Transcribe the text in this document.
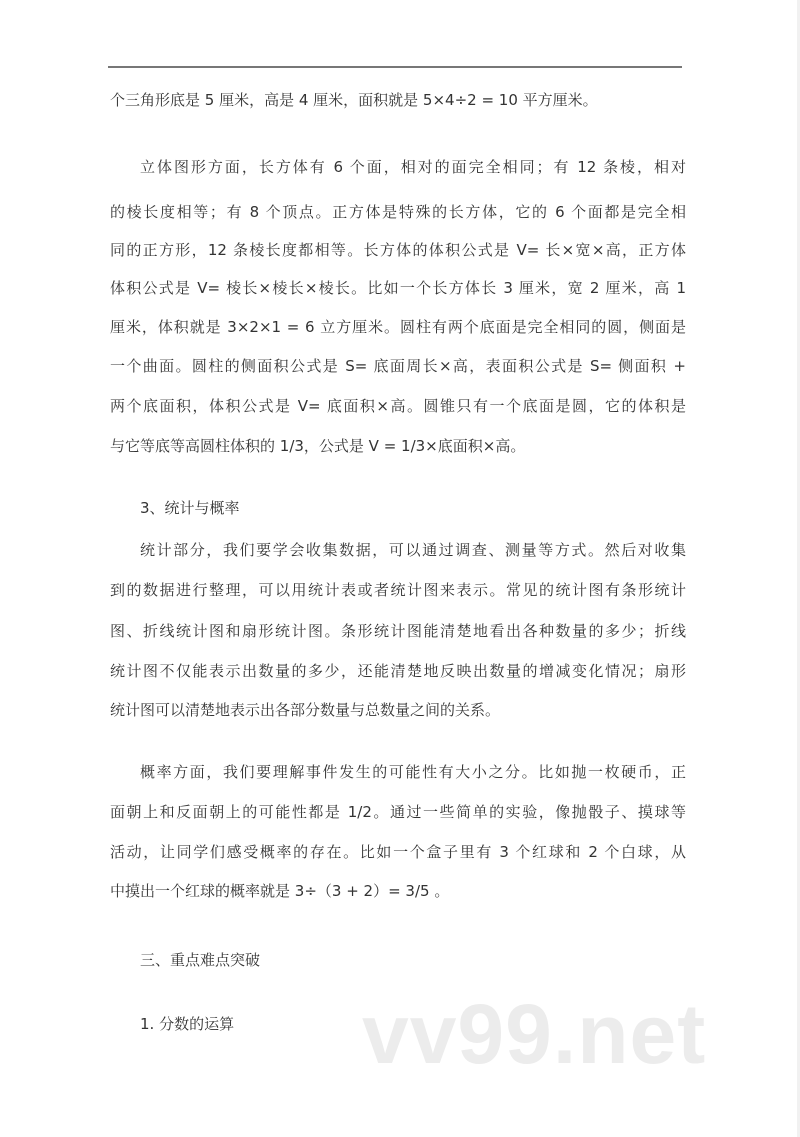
个三角形底是 5 厘米，高是 4 厘米，面积就是 5×4÷2 = 10 平方厘米。
立体图形方面，长方体有 6 个面，相对的面完全相同；有 12 条棱，相对
的棱长度相等；有 8 个顶点。正方体是特殊的长方体，它的 6 个面都是完全相
同的正方形，12 条棱长度都相等。长方体的体积公式是 V= 长×宽×高，正方体
体积公式是 V= 棱长×棱长×棱长。比如一个长方体长 3 厘米，宽 2 厘米，高 1
厘米，体积就是 3×2×1 = 6 立方厘米。圆柱有两个底面是完全相同的圆，侧面是
一个曲面。圆柱的侧面积公式是 S= 底面周长×高，表面积公式是 S= 侧面积 +
两个底面积，体积公式是 V= 底面积×高。圆锥只有一个底面是圆，它的体积是
与它等底等高圆柱体积的 1/3，公式是 V = 1/3×底面积×高。
3、统计与概率
统计部分，我们要学会收集数据，可以通过调查、测量等方式。然后对收集
到的数据进行整理，可以用统计表或者统计图来表示。常见的统计图有条形统计
图、折线统计图和扇形统计图。条形统计图能清楚地看出各种数量的多少；折线
统计图不仅能表示出数量的多少，还能清楚地反映出数量的增减变化情况；扇形
统计图可以清楚地表示出各部分数量与总数量之间的关系。
概率方面，我们要理解事件发生的可能性有大小之分。比如抛一枚硬币，正
面朝上和反面朝上的可能性都是 1/2。通过一些简单的实验，像抛骰子、摸球等
活动，让同学们感受概率的存在。比如一个盒子里有 3 个红球和 2 个白球，从
中摸出一个红球的概率就是 3÷（3 + 2）= 3/5 。
三、重点难点突破
1. 分数的运算	vv99.net
